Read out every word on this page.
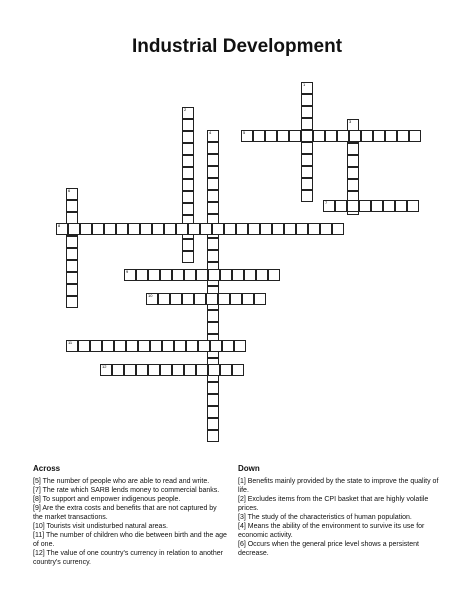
Industrial Development
1
2
3
4	5
6
7
8
9
10
11
12
Across
[5] The number of people who are able to read and write.
[7] The rate which SARB lends money to commercial banks.
[8] To support and empower indigenous people.
[9] Are the extra costs and benefits that are not captured by the market transactions.
[10] Tourists visit undisturbed natural areas.
[11] The number of children who die between birth and the age of one.
[12] The value of one country's currency in relation to another country's currency.
Down
[1] Benefits mainly provided by the state to improve the quality of life.
[2] Excludes items from the CPI basket that are highly volatile prices.
[3] The study of the characteristics of human population.
[4] Means the ability of the environment to survive its use for economic activity.
[6] Occurs when the general price level shows a persistent decrease.
